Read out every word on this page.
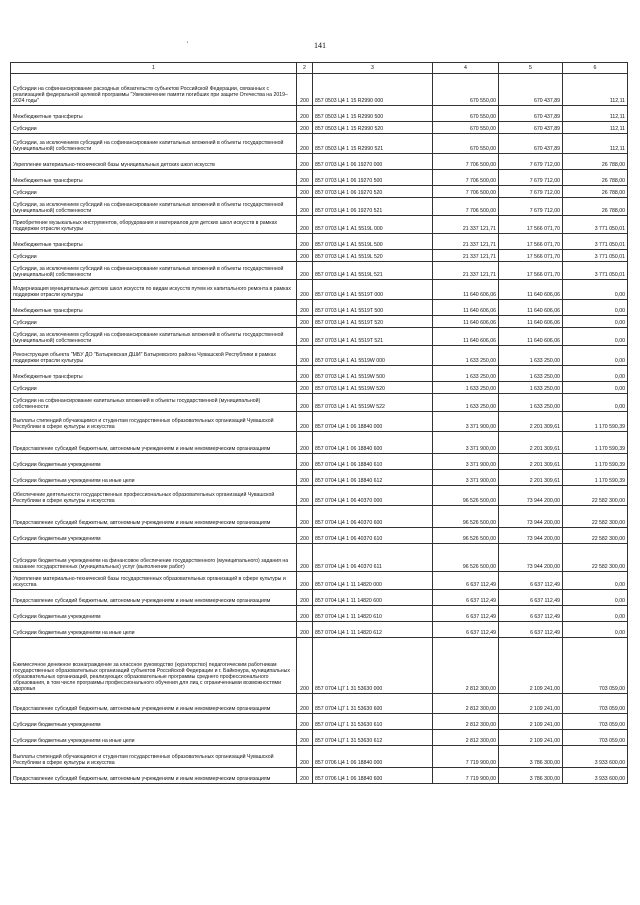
141
'
1	2	3	4	5	6
Субсидии на софинансирование расходных обязательств субъектов Российской Федерации, связанных с реализацией федеральной целевой программы "Увековечение памяти погибших при защите Отечества на 2019–2024 годы"	200	857 0503 Ц4 1 15 R2990 000	670 550,00	670 437,89	112,11
Межбюджетные трансферты	200	857 0503 Ц4 1 15 R2990 500	670 550,00	670 437,89	112,11
Субсидии	200	857 0503 Ц4 1 15 R2990 520	670 550,00	670 437,89	112,11
Субсидии, за исключением субсидий на софинансирование капитальных вложений в объекты государственной (муниципальной) собственности	200	857 0503 Ц4 1 15 R2990 521	670 550,00	670 437,89	112,11
Укрепление материально-технической базы муниципальных детских школ искусств	200	857 0703 Ц4 1 06 19270 000	7 706 500,00	7 679 712,00	26 788,00
Межбюджетные трансферты	200	857 0703 Ц4 1 06 19270 500	7 706 500,00	7 679 712,00	26 788,00
Субсидии	200	857 0703 Ц4 1 06 19270 520	7 706 500,00	7 679 712,00	26 788,00
Субсидии, за исключением субсидий на софинансирование капитальных вложений в объекты государственной (муниципальной) собственности	200	857 0703 Ц4 1 06 19270 521	7 706 500,00	7 679 712,00	26 788,00
Приобретение музыкальных инструментов, оборудования и материалов для детских школ искусств в рамках поддержки отрасли культуры	200	857 0703 Ц4 1 A1 5519L 000	21 337 121,71	17 566 071,70	3 771 050,01
Межбюджетные трансферты	200	857 0703 Ц4 1 A1 5519L 500	21 337 121,71	17 566 071,70	3 771 050,01
Субсидии	200	857 0703 Ц4 1 A1 5519L 520	21 337 121,71	17 566 071,70	3 771 050,01
Субсидии, за исключением субсидий на софинансирование капитальных вложений в объекты государственной (муниципальной) собственности	200	857 0703 Ц4 1 A1 5519L 521	21 337 121,71	17 566 071,70	3 771 050,01
Модернизация муниципальных детских школ искусств по видам искусств путем их капитального ремонта в рамках поддержки отрасли культуры	200	857 0703 Ц4 1 A1 5519T 000	11 640 606,06	11 640 606,06	0,00
Межбюджетные трансферты	200	857 0703 Ц4 1 A1 5519T 500	11 640 606,06	11 640 606,06	0,00
Субсидии	200	857 0703 Ц4 1 A1 5519T 520	11 640 606,06	11 640 606,06	0,00
Субсидии, за исключением субсидий на софинансирование капитальных вложений в объекты государственной (муниципальной) собственности	200	857 0703 Ц4 1 A1 5519T 521	11 640 606,06	11 640 606,06	0,00
Реконструкция объекта "МБУ ДО "Батыревская ДШИ" Батыревского района Чувашской Республики в рамках поддержки отрасли культуры	200	857 0703 Ц4 1 A1 5519W 000	1 633 250,00	1 633 250,00	0,00
Межбюджетные трансферты	200	857 0703 Ц4 1 A1 5519W 500	1 633 250,00	1 633 250,00	0,00
Субсидии	200	857 0703 Ц4 1 A1 5519W 520	1 633 250,00	1 633 250,00	0,00
Субсидии на софинансирование капитальных вложений в объекты государственной (муниципальной) собственности	200	857 0703 Ц4 1 A1 5519W 522	1 633 250,00	1 633 250,00	0,00
Выплаты стипендий обучающимся и студентам государственных образовательных организаций Чувашской Республики в сфере культуры и искусства	200	857 0704 Ц4 1 06 18840 000	3 371 900,00	2 201 309,61	1 170 590,39
Предоставление субсидий бюджетным, автономным учреждениям и иным некоммерческим организациям	200	857 0704 Ц4 1 06 18840 600	3 371 900,00	2 201 309,61	1 170 590,39
Субсидии бюджетным учреждениям	200	857 0704 Ц4 1 06 18840 610	3 371 900,00	2 201 309,61	1 170 590,39
Субсидии бюджетным учреждениям на иные цели	200	857 0704 Ц4 1 06 18840 612	3 371 900,00	2 201 309,61	1 170 590,39
Обеспечение деятельности государственных профессиональных образовательных организаций Чувашской Республики в сфере культуры и искусства	200	857 0704 Ц4 1 06 40370 000	96 526 500,00	73 944 200,00	22 582 300,00
Предоставление субсидий бюджетным, автономным учреждениям и иным некоммерческим организациям	200	857 0704 Ц4 1 06 40370 600	96 526 500,00	73 944 200,00	22 582 300,00
Субсидии бюджетным учреждениям	200	857 0704 Ц4 1 06 40370 610	96 526 500,00	73 944 200,00	22 582 300,00
Субсидии бюджетным учреждениям на финансовое обеспечение государственного (муниципального) задания на оказание государственных (муниципальных) услуг (выполнение работ)	200	857 0704 Ц4 1 06 40370 611	96 526 500,00	73 944 200,00	22 582 300,00
Укрепление материально-технической базы государственных образовательных организаций в сфере культуры и искусства	200	857 0704 Ц4 1 11 14820 000	6 637 112,49	6 637 112,49	0,00
Предоставление субсидий бюджетным, автономным учреждениям и иным некоммерческим организациям	200	857 0704 Ц4 1 11 14820 600	6 637 112,49	6 637 112,49	0,00
Субсидии бюджетным учреждениям	200	857 0704 Ц4 1 11 14820 610	6 637 112,49	6 637 112,49	0,00
Субсидии бюджетным учреждениям на иные цели	200	857 0704 Ц4 1 11 14820 612	6 637 112,49	6 637 112,49	0,00
Ежемесячное денежное вознаграждение за классное руководство (кураторство) педагогическим работникам государственных образовательных организаций субъектов Российской Федерации и г. Байконура, муниципальных образовательных организаций, реализующих образовательные программы среднего профессионального образования, в том числе программы профессионального обучения для лиц с ограниченными возможностями здоровья	200	857 0704 Ц7 1 31 53630 000	2 812 300,00	2 109 241,00	703 059,00
Предоставление субсидий бюджетным, автономным учреждениям и иным некоммерческим организациям	200	857 0704 Ц7 1 31 53630 600	2 812 300,00	2 109 241,00	703 059,00
Субсидии бюджетным учреждениям	200	857 0704 Ц7 1 31 53630 610	2 812 300,00	2 109 241,00	703 059,00
Субсидии бюджетным учреждениям на иные цели	200	857 0704 Ц7 1 31 53630 612	2 812 300,00	2 109 241,00	703 059,00
Выплаты стипендий обучающимся и студентам государственных образовательных организаций Чувашской Республики в сфере культуры и искусства	200	857 0706 Ц4 1 06 18840 000	7 719 900,00	3 786 300,00	3 933 600,00
Предоставление субсидий бюджетным, автономным учреждениям и иным некоммерческим организациям	200	857 0706 Ц4 1 06 18840 600	7 719 900,00	3 786 300,00	3 933 600,00
